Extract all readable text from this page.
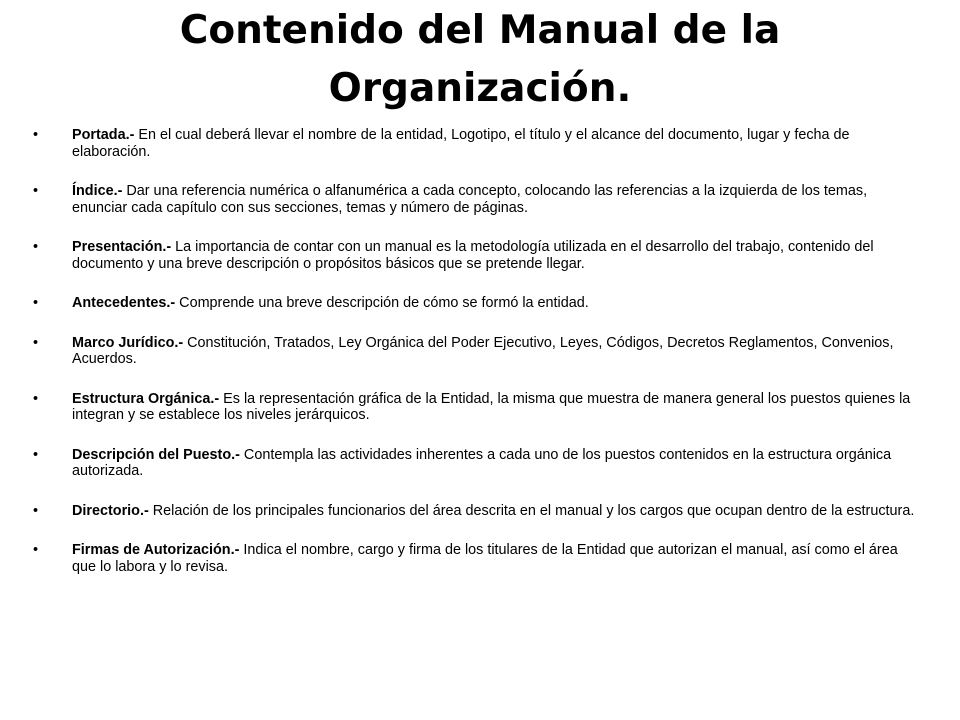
Contenido del Manual de la Organización.
•	Portada.- En el cual deberá llevar el nombre de la entidad, Logotipo, el título y el alcance del documento, lugar y fecha de elaboración.
•	Índice.- Dar una referencia numérica o alfanumérica a cada concepto, colocando las referencias a la izquierda de los temas, enunciar cada capítulo con sus secciones, temas y número de páginas.
•	Presentación.- La importancia de contar con un manual es la metodología utilizada en el desarrollo del trabajo, contenido del documento y una breve descripción o propósitos básicos que se pretende llegar.
•	Antecedentes.- Comprende una breve descripción de cómo se formó la entidad.
•	Marco Jurídico.- Constitución, Tratados, Ley Orgánica del Poder Ejecutivo, Leyes, Códigos, Decretos Reglamentos, Convenios, Acuerdos.
•	Estructura Orgánica.- Es la representación gráfica de la Entidad, la misma que muestra de manera general los puestos quienes la integran y se establece los niveles jerárquicos.
•	Descripción del Puesto.- Contempla las actividades inherentes a cada uno de los puestos contenidos en la estructura orgánica autorizada.
•	Directorio.- Relación de los principales funcionarios del área descrita en el manual y los cargos que ocupan dentro de la estructura.
•	Firmas de Autorización.- Indica el nombre, cargo y firma de los titulares de la Entidad que autorizan el manual, así como el área que lo labora y lo revisa.
